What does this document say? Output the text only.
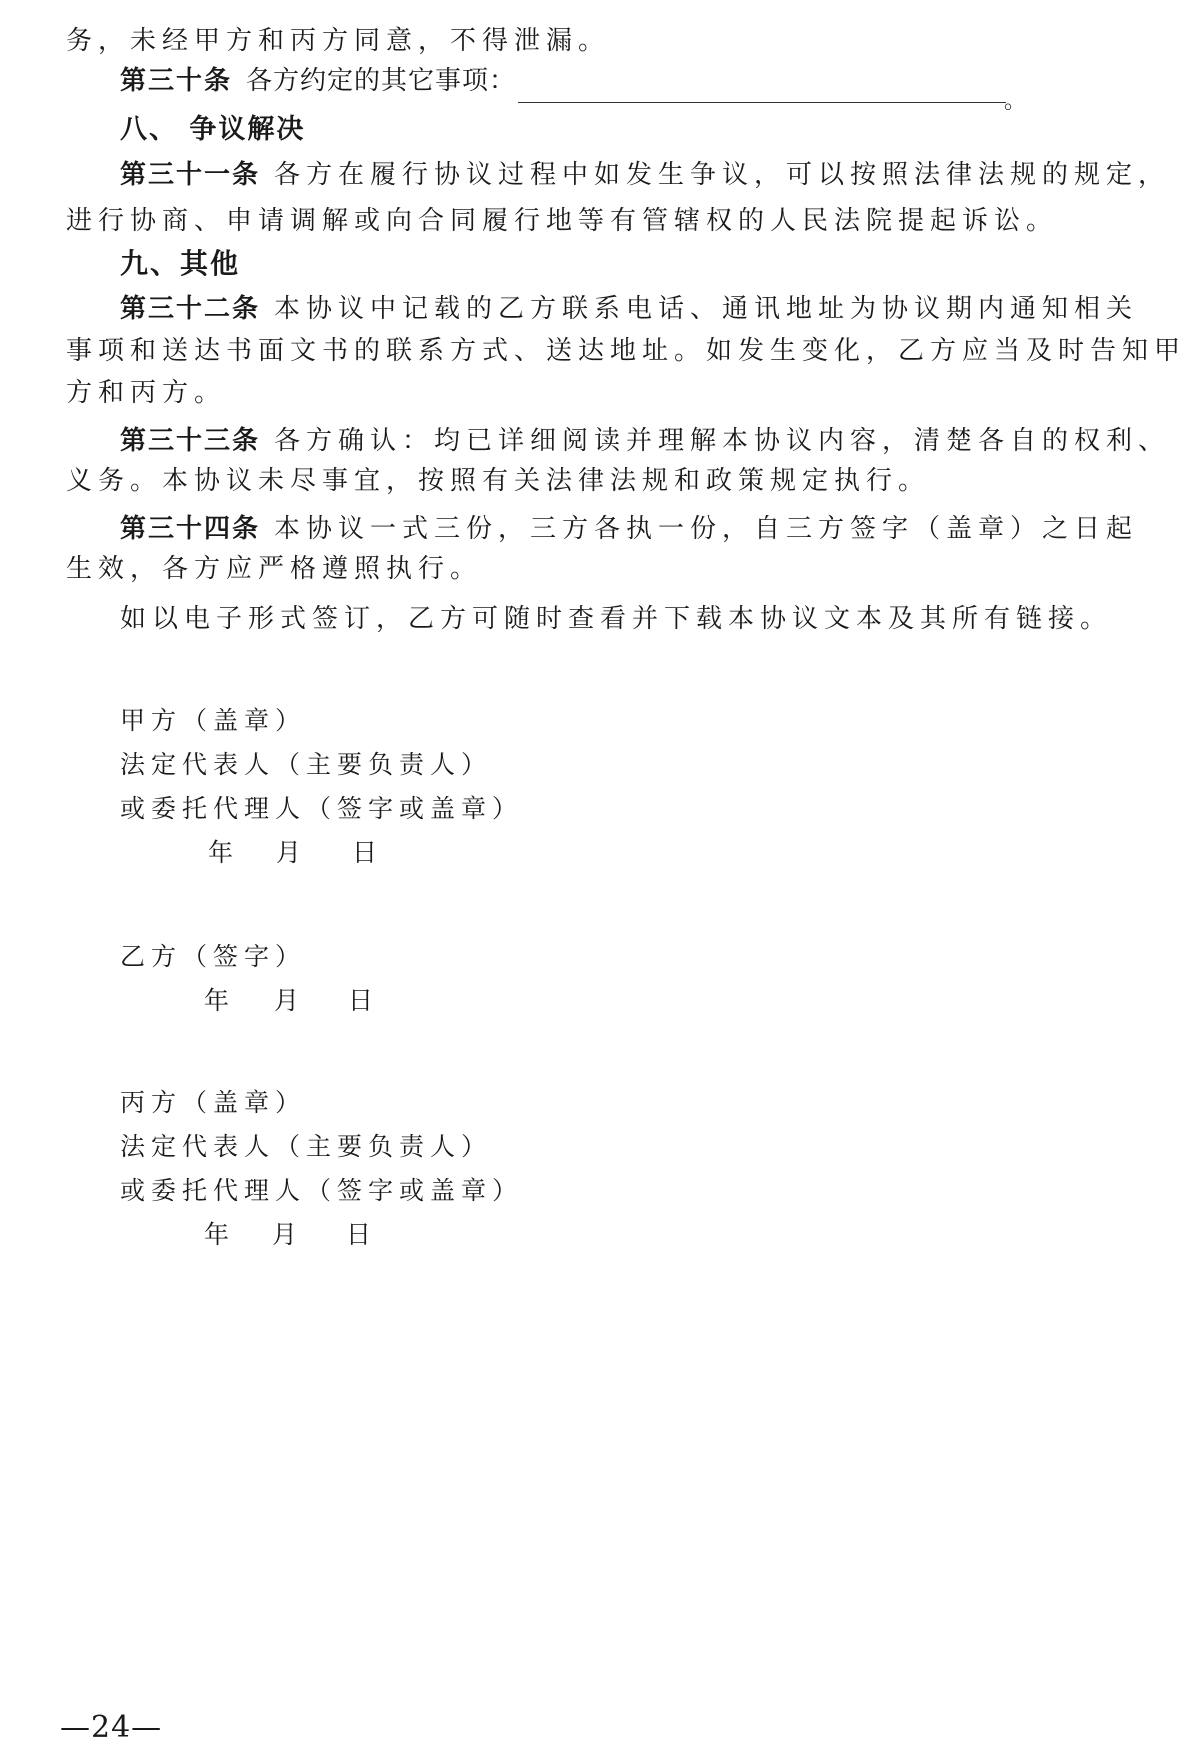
务，未经甲方和丙方同意，不得泄漏。
第三十条 各方约定的其它事项：
。
八、 争议解决
第三十一条 各方在履行协议过程中如发生争议，可以按照法律法规的规定，
进行协商、申请调解或向合同履行地等有管辖权的人民法院提起诉讼。
九、其他
第三十二条 本协议中记载的乙方联系电话、通讯地址为协议期内通知相关
事项和送达书面文书的联系方式、送达地址。如发生变化，乙方应当及时告知甲
方和丙方。
第三十三条 各方确认：均已详细阅读并理解本协议内容，清楚各自的权利、
义务。本协议未尽事宜，按照有关法律法规和政策规定执行。
第三十四条 本协议一式三份，三方各执一份，自三方签字（盖章）之日起
生效，各方应严格遵照执行。
如以电子形式签订，乙方可随时查看并下载本协议文本及其所有链接。
甲方（盖章）
法定代表人（主要负责人）
或委托代理人（签字或盖章）
年 月 日
乙方（签字）
年 月 日
丙方（盖章）
法定代表人（主要负责人）
或委托代理人（签字或盖章）
年 月 日
—24—
